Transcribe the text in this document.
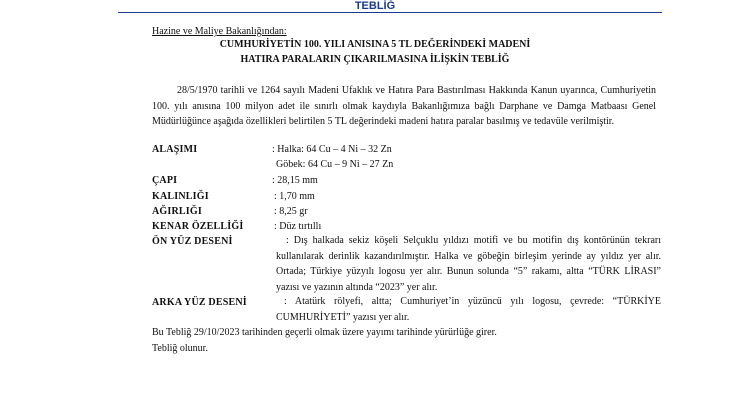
TEBLİĞ
Hazine ve Maliye Bakanlığından:
CUMHURİYETİN 100. YILI ANISINA 5 TL DEĞERİNDEKİ MADENİ
HATIRA PARALARIN ÇIKARILMASINA İLİŞKİN TEBLİĞ
28/5/1970 tarihli ve 1264 sayılı Madeni Ufaklık ve Hatıra Para Bastırılması Hakkında Kanun uyarınca, Cumhuriyetin 100. yılı anısına 100 milyon adet ile sınırlı olmak kaydıyla Bakanlığımıza bağlı Darphane ve Damga Matbaası Genel Müdürlüğünce aşağıda özellikleri belirtilen 5 TL değerindeki madeni hatıra paralar basılmış ve tedavüle verilmiştir.
ALAŞIMI	: Halka: 64 Cu – 4 Ni – 32 Zn
Göbek: 64 Cu – 9 Ni – 27 Zn
ÇAPI	: 28,15 mm
KALINLIĞI	: 1,70 mm
AĞIRLIĞI	: 8,25 gr
KENAR ÖZELLİĞİ	: Düz tırtıllı
ÖN YÜZ DESENİ	: Dış halkada sekiz köşeli Selçuklu yıldızı motifi ve bu motifin dış kontörünün tekrarı kullanılarak derinlik kazandırılmıştır. Halka ve göbeğin birleşim yerinde ay yıldız yer alır. Ortada; Türkiye yüzyılı logosu yer alır. Bunun solunda “5” rakamı, altta “TÜRK LİRASI” yazısı ve yazının altında “2023” yer alır.
ARKA YÜZ DESENİ	: Atatürk rölyefi, altta; Cumhuriyet’in yüzüncü yılı logosu, çevrede: “TÜRKİYE CUMHURİYETİ” yazısı yer alır.
Bu Tebliğ 29/10/2023 tarihinden geçerli olmak üzere yayımı tarihinde yürürlüğe girer.
Tebliğ olunur.
